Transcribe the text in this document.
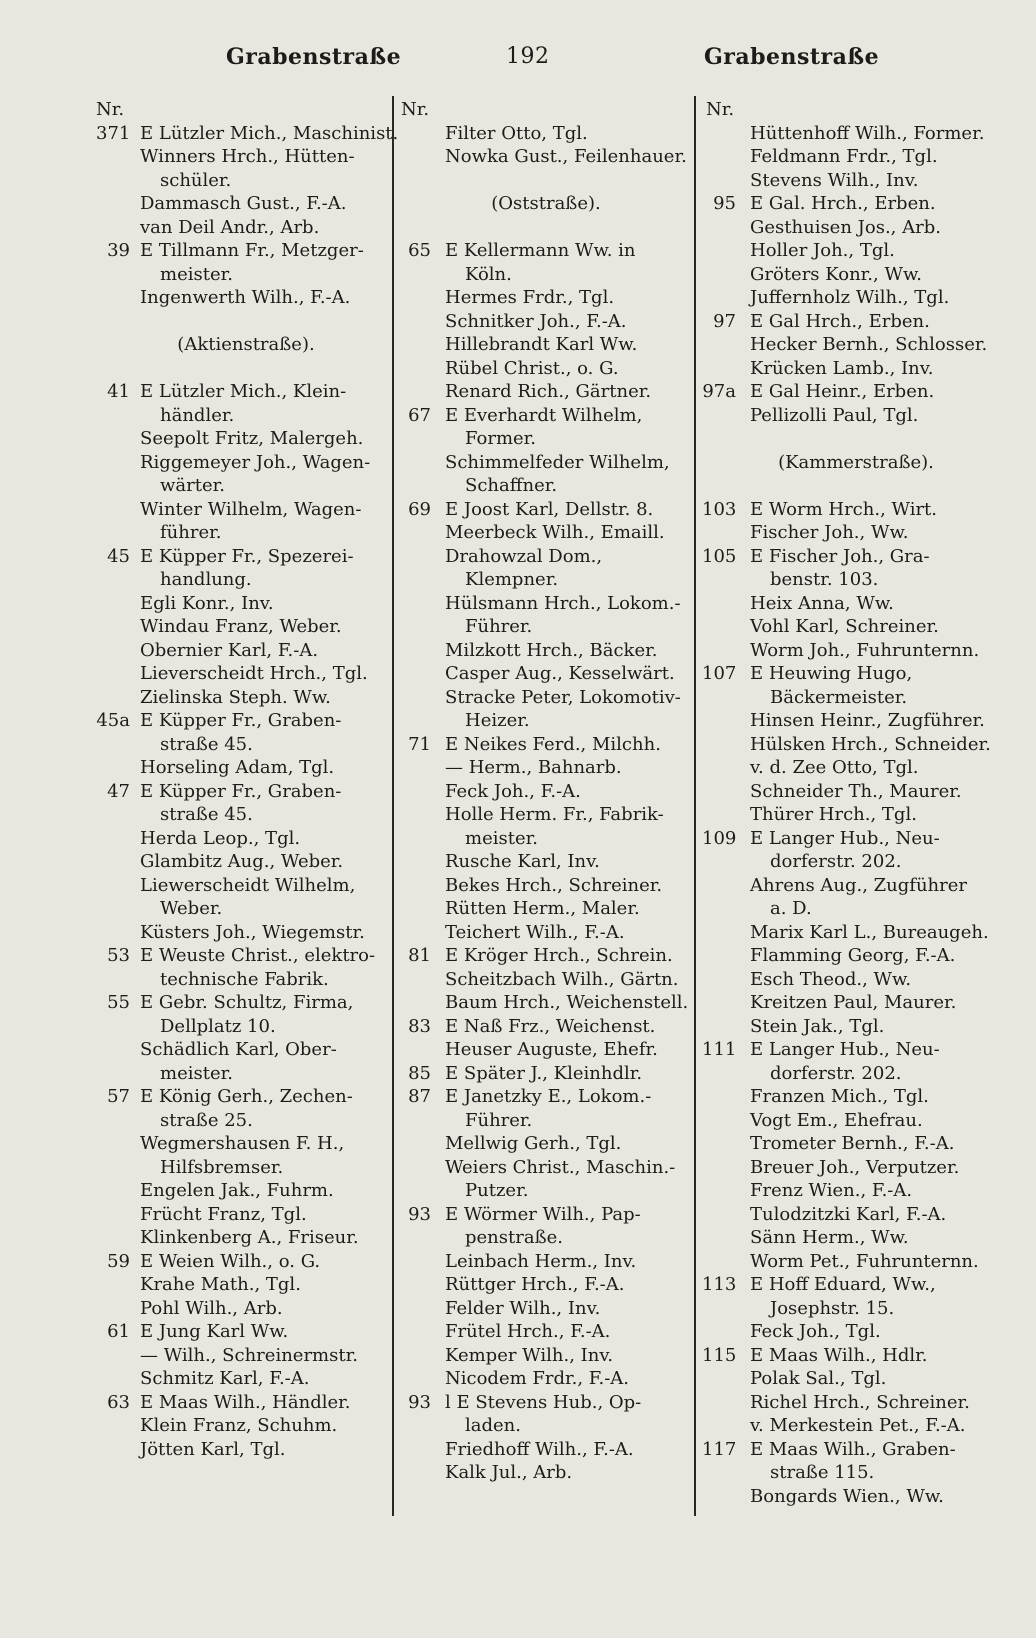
Grabenstraße	192	Grabenstraße
Nr.
371 E Lützler Mich., Maschinist.
Winners Hrch., Hütten-
schüler.
Dammasch Gust., F.-A.
van Deil Andr., Arb.
39 E Tillmann Fr., Metzger-
meister.
Ingenwerth Wilh., F.-A.
(Aktienstraße).
41 E Lützler Mich., Klein-
händler.
Seepolt Fritz, Malergeh.
Riggemeyer Joh., Wagen-
wärter.
Winter Wilhelm, Wagen-
führer.
45 E Küpper Fr., Spezerei-
handlung.
Egli Konr., Inv.
Windau Franz, Weber.
Obernier Karl, F.-A.
Lieverscheidt Hrch., Tgl.
Zielinska Steph. Ww.
45a E Küpper Fr., Graben-
straße 45.
Horseling Adam, Tgl.
47 E Küpper Fr., Graben-
straße 45.
Herda Leop., Tgl.
Glambitz Aug., Weber.
Liewerscheidt Wilhelm,
Weber.
Küsters Joh., Wiegemstr.
53 E Weuste Christ., elektro-
technische Fabrik.
55 E Gebr. Schultz, Firma,
Dellplatz 10.
Schädlich Karl, Ober-
meister.
57 E König Gerh., Zechen-
straße 25.
Wegmershausen F. H.,
Hilfsbremser.
Engelen Jak., Fuhrm.
Frücht Franz, Tgl.
Klinkenberg A., Friseur.
59 E Weien Wilh., o. G.
Krahe Math., Tgl.
Pohl Wilh., Arb.
61 E Jung Karl Ww.
— Wilh., Schreinermstr.
Schmitz Karl, F.-A.
63 E Maas Wilh., Händler.
Klein Franz, Schuhm.
Jötten Karl, Tgl.
Nr.
Filter Otto, Tgl.
Nowka Gust., Feilenhauer.
(Oststraße).
65 E Kellermann Ww. in
Köln.
Hermes Frdr., Tgl.
Schnitker Joh., F.-A.
Hillebrandt Karl Ww.
Rübel Christ., o. G.
Renard Rich., Gärtner.
67 E Everhardt Wilhelm,
Former.
Schimmelfeder Wilhelm,
Schaffner.
69 E Joost Karl, Dellstr. 8.
Meerbeck Wilh., Emaill.
Drahowzal Dom.,
Klempner.
Hülsmann Hrch., Lokom.-
Führer.
Milzkott Hrch., Bäcker.
Casper Aug., Kesselwärt.
Stracke Peter, Lokomotiv-
Heizer.
71 E Neikes Ferd., Milchh.
— Herm., Bahnarb.
Feck Joh., F.-A.
Holle Herm. Fr., Fabrik-
meister.
Rusche Karl, Inv.
Bekes Hrch., Schreiner.
Rütten Herm., Maler.
Teichert Wilh., F.-A.
81 E Kröger Hrch., Schrein.
Scheitzbach Wilh., Gärtn.
Baum Hrch., Weichenstell.
83 E Naß Frz., Weichenst.
Heuser Auguste, Ehefr.
85 E Später J., Kleinhdlr.
87 E Janetzky E., Lokom.-
Führer.
Mellwig Gerh., Tgl.
Weiers Christ., Maschin.-
Putzer.
93 E Wörmer Wilh., Pap-
penstraße.
Leinbach Herm., Inv.
Rüttger Hrch., F.-A.
Felder Wilh., Inv.
Frütel Hrch., F.-A.
Kemper Wilh., Inv.
Nicodem Frdr., F.-A.
93 l E Stevens Hub., Op-
laden.
Friedhoff Wilh., F.-A.
Kalk Jul., Arb.
Nr.
Hüttenhoff Wilh., Former.
Feldmann Frdr., Tgl.
Stevens Wilh., Inv.
95 E Gal. Hrch., Erben.
Gesthuisen Jos., Arb.
Holler Joh., Tgl.
Gröters Konr., Ww.
Juffernholz Wilh., Tgl.
97 E Gal Hrch., Erben.
Hecker Bernh., Schlosser.
Krücken Lamb., Inv.
97a E Gal Heinr., Erben.
Pellizolli Paul, Tgl.
(Kammerstraße).
103 E Worm Hrch., Wirt.
Fischer Joh., Ww.
105 E Fischer Joh., Gra-
benstr. 103.
Heix Anna, Ww.
Vohl Karl, Schreiner.
Worm Joh., Fuhrunternn.
107 E Heuwing Hugo,
Bäckermeister.
Hinsen Heinr., Zugführer.
Hülsken Hrch., Schneider.
v. d. Zee Otto, Tgl.
Schneider Th., Maurer.
Thürer Hrch., Tgl.
109 E Langer Hub., Neu-
dorferstr. 202.
Ahrens Aug., Zugführer
a. D.
Marix Karl L., Bureaugeh.
Flamming Georg, F.-A.
Esch Theod., Ww.
Kreitzen Paul, Maurer.
Stein Jak., Tgl.
111 E Langer Hub., Neu-
dorferstr. 202.
Franzen Mich., Tgl.
Vogt Em., Ehefrau.
Trometer Bernh., F.-A.
Breuer Joh., Verputzer.
Frenz Wien., F.-A.
Tulodzitzki Karl, F.-A.
Sänn Herm., Ww.
Worm Pet., Fuhrunternn.
113 E Hoff Eduard, Ww.,
Josephstr. 15.
Feck Joh., Tgl.
115 E Maas Wilh., Hdlr.
Polak Sal., Tgl.
Richel Hrch., Schreiner.
v. Merkestein Pet., F.-A.
117 E Maas Wilh., Graben-
straße 115.
Bongards Wien., Ww.
